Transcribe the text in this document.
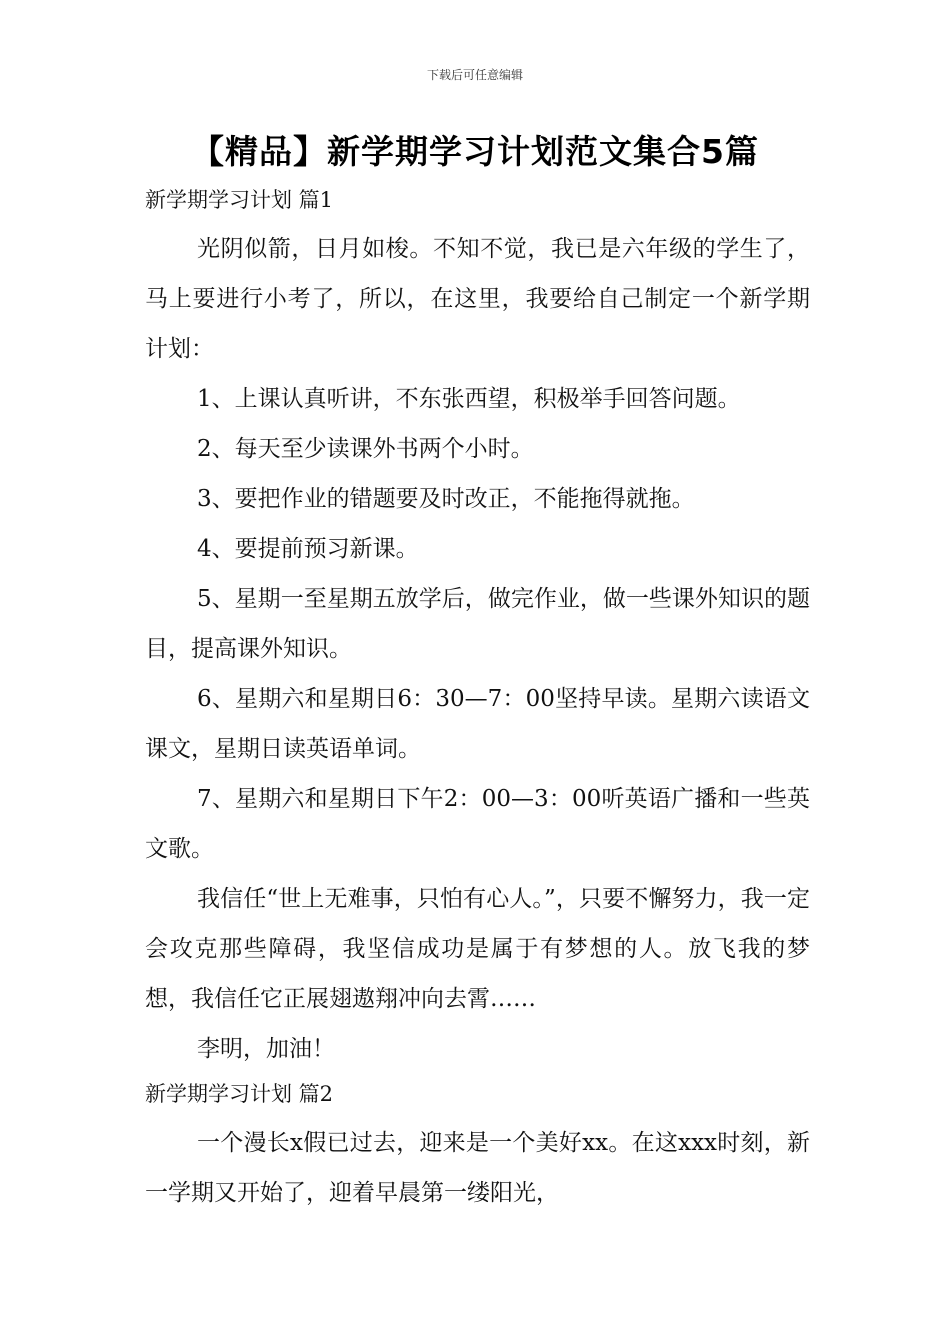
下载后可任意编辑
【精品】新学期学习计划范文集合5篇

新学期学习计划 篇1

光阴似箭，日月如梭。不知不觉，我已是六年级的学生了，马上要进行小考了，所以，在这里，我要给自己制定一个新学期计划：

1、上课认真听讲，不东张西望，积极举手回答问题。

2、每天至少读课外书两个小时。

3、要把作业的错题要及时改正，不能拖得就拖。

4、要提前预习新课。

5、星期一至星期五放学后，做完作业，做一些课外知识的题目，提高课外知识。

6、星期六和星期日6：30—7：00坚持早读。星期六读语文课文，星期日读英语单词。

7、星期六和星期日下午2：00—3：00听英语广播和一些英文歌。

我信任“世上无难事，只怕有心人。”，只要不懈努力，我一定会攻克那些障碍，我坚信成功是属于有梦想的人。放飞我的梦想，我信任它正展翅遨翔冲向去霄……

李明，加油！

新学期学习计划 篇2

一个漫长x假已过去，迎来是一个美好xx。在这xxx时刻，新一学期又开始了，迎着早晨第一缕阳光，
